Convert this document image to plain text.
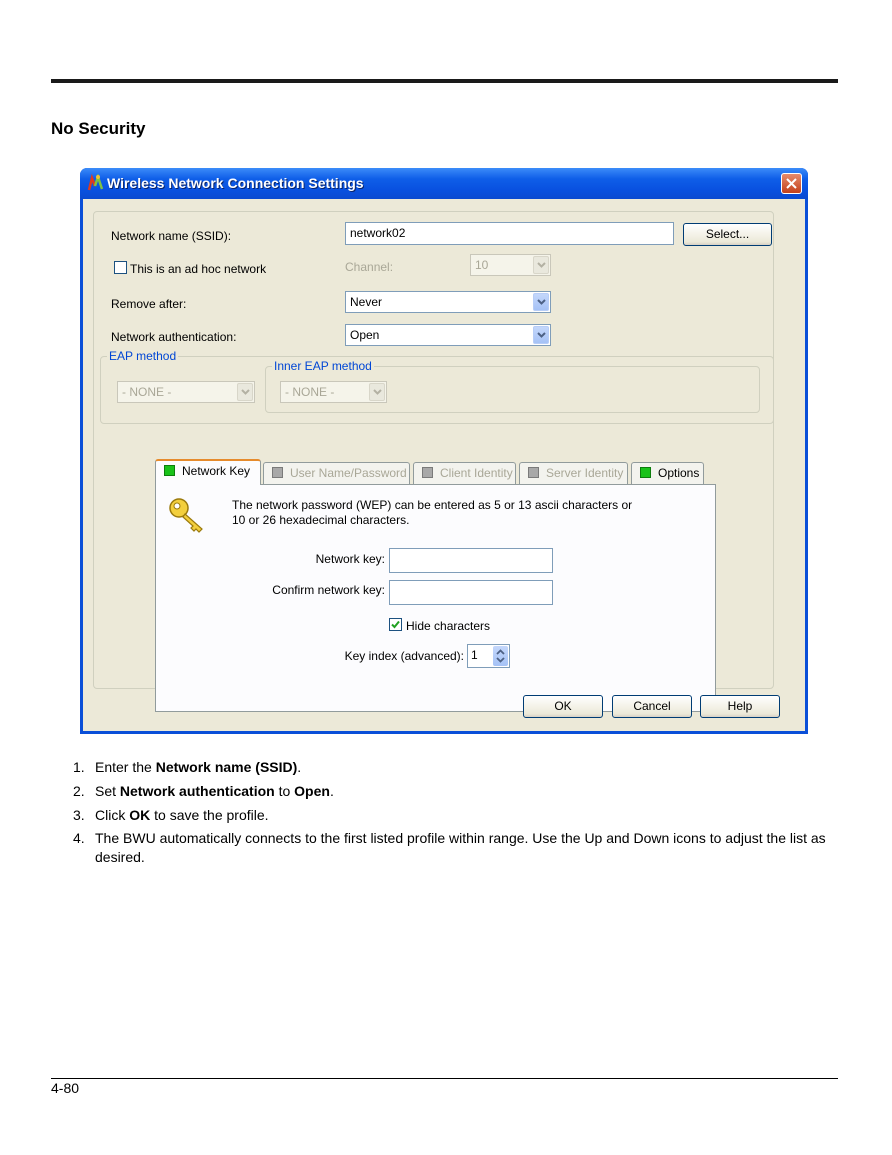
No Security
Wireless Network Connection Settings
Network name (SSID):	network02	Select...
This is an ad hoc network	Channel:	10
Remove after:	Never
Network authentication:	Open
EAP method
- NONE -
Inner EAP method
- NONE -
Network Key	User Name/Password	Client Identity	Server Identity	Options
The network password (WEP) can be entered as 5 or 13 ascii characters or
10 or 26 hexadecimal characters.
Network key:
Confirm network key:
Hide characters
Key index (advanced): 1
OK	Cancel	Help
1. Enter the Network name (SSID).
2. Set Network authentication to Open.
3. Click OK to save the profile.
4. The BWU automatically connects to the first listed profile within range. Use the Up and Down icons to adjust the list as desired.
4-80
